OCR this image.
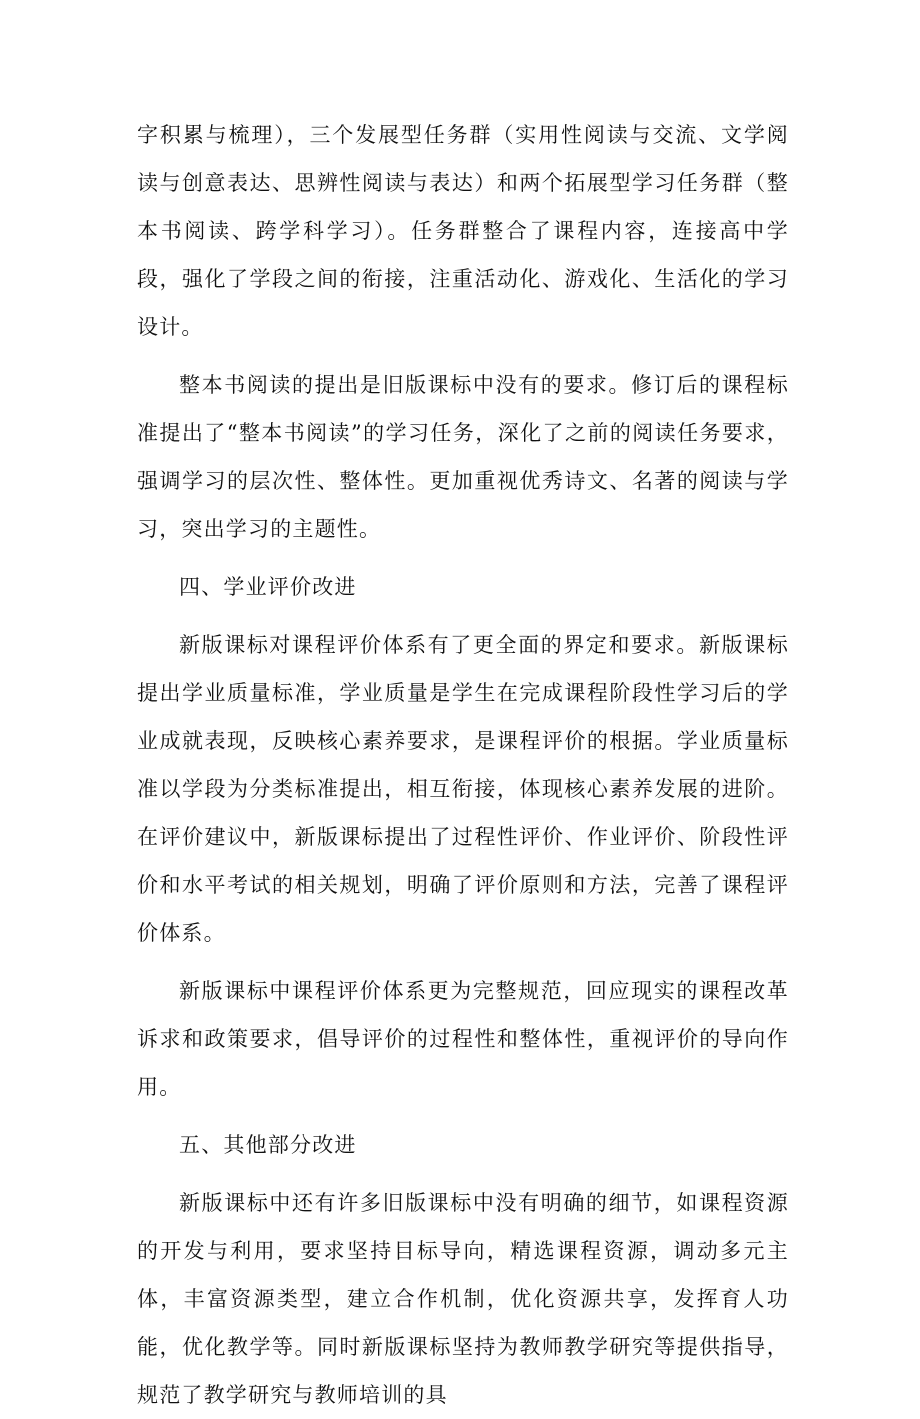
字积累与梳理），三个发展型任务群（实用性阅读与交流、文学阅读与创意表达、思辨性阅读与表达）和两个拓展型学习任务群（整本书阅读、跨学科学习）。任务群整合了课程内容，连接高中学段，强化了学段之间的衔接，注重活动化、游戏化、生活化的学习设计。

整本书阅读的提出是旧版课标中没有的要求。修订后的课程标准提出了“整本书阅读”的学习任务，深化了之前的阅读任务要求，强调学习的层次性、整体性。更加重视优秀诗文、名著的阅读与学习，突出学习的主题性。

四、学业评价改进

新版课标对课程评价体系有了更全面的界定和要求。新版课标提出学业质量标准，学业质量是学生在完成课程阶段性学习后的学业成就表现，反映核心素养要求，是课程评价的根据。学业质量标准以学段为分类标准提出，相互衔接，体现核心素养发展的进阶。在评价建议中，新版课标提出了过程性评价、作业评价、阶段性评价和水平考试的相关规划，明确了评价原则和方法，完善了课程评价体系。

新版课标中课程评价体系更为完整规范，回应现实的课程改革诉求和政策要求，倡导评价的过程性和整体性，重视评价的导向作用。

五、其他部分改进

新版课标中还有许多旧版课标中没有明确的细节，如课程资源的开发与利用，要求坚持目标导向，精选课程资源，调动多元主体，丰富资源类型，建立合作机制，优化资源共享，发挥育人功能，优化教学等。同时新版课标坚持为教师教学研究等提供指导，规范了教学研究与教师培训的具
